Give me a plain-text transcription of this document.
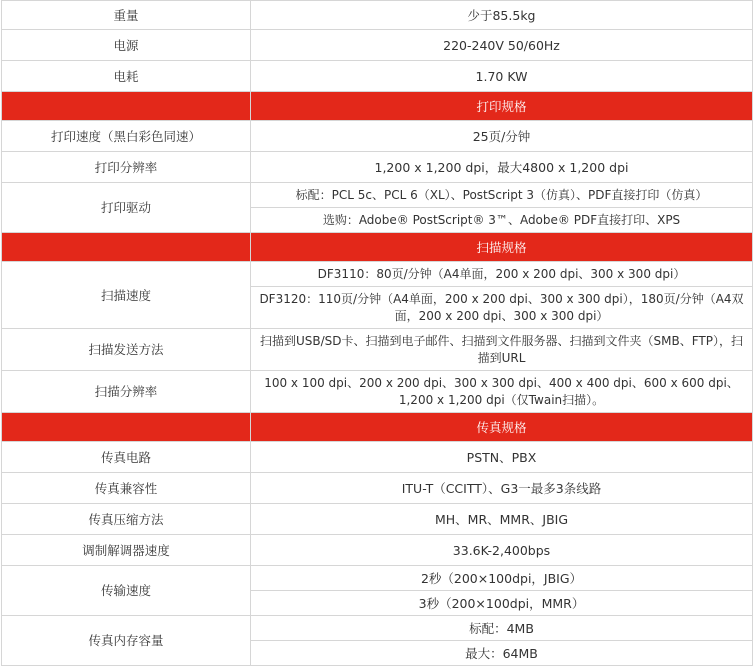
重量	少于85.5kg
电源	220-240V 50/60Hz
电耗	1.70 KW
	打印规格
打印速度（黑白彩色同速）	25页/分钟
打印分辨率	1,200 x 1,200 dpi，最大4800 x 1,200 dpi
打印驱动	标配：PCL 5c、PCL 6（XL）、PostScript 3（仿真）、PDF直接打印（仿真）
	选购：Adobe® PostScript® 3™、Adobe® PDF直接打印、XPS
	扫描规格
扫描速度	DF3110：80页/分钟（A4单面，200 x 200 dpi、300 x 300 dpi）
	DF3120：110页/分钟（A4单面，200 x 200 dpi、300 x 300 dpi），180页/分钟（A4双面，200 x 200 dpi、300 x 300 dpi）
扫描发送方法	扫描到USB/SD卡、扫描到电子邮件、扫描到文件服务器、扫描到文件夹（SMB、FTP），扫描到URL
扫描分辨率	100 x 100 dpi、200 x 200 dpi、300 x 300 dpi、400 x 400 dpi、600 x 600 dpi、1,200 x 1,200 dpi（仅Twain扫描）。
	传真规格
传真电路	PSTN、PBX
传真兼容性	ITU-T（CCITT）、G3一最多3条线路
传真压缩方法	MH、MR、MMR、JBIG
调制解调器速度	33.6K-2,400bps
传输速度	2秒（200×100dpi，JBIG）
	3秒（200×100dpi，MMR）
传真内存容量	标配：4MB
	最大：64MB
